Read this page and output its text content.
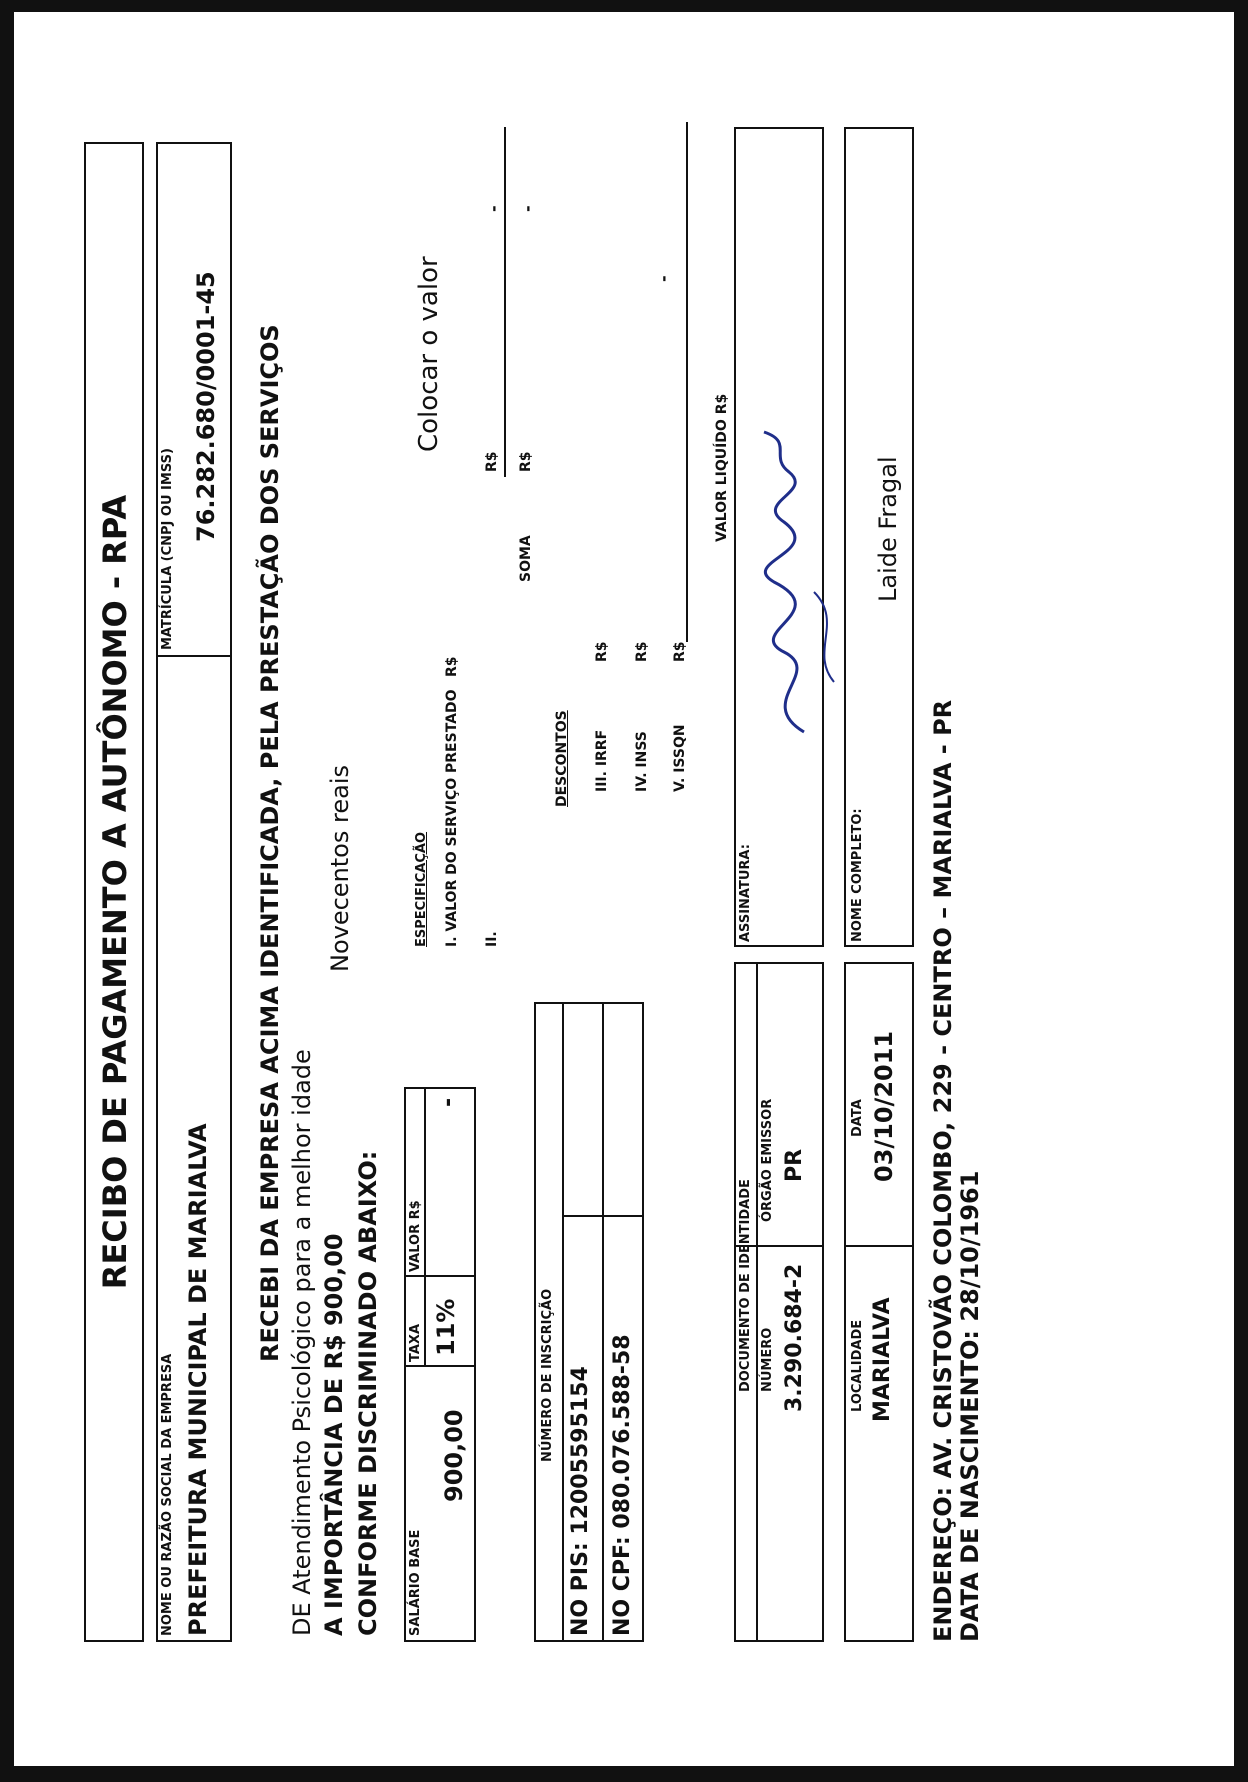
RECIBO DE PAGAMENTO A AUTÔNOMO - RPA
NOME OU RAZÃO SOCIAL DA EMPRESA PREFEITURA MUNICIPAL DE MARIALVA
MATRÍCULA (CNPJ OU IMSS)
76.282.680/0001-45 RECEBI DA EMPRESA ACIMA IDENTIFICADA, PELA PRESTAÇÃO DOS SERVIÇOS DE Atendimento Psicológico para a melhor idade A IMPORTÂNCIA DE R$ 900,00
Novecentos reais
CONFORME DISCRIMINADO ABAIXO:
Colocar o valor
SALÁRIO BASE
900,00
TAXA 11%
VALOR R$
-
ESPECIFICAÇÃO I. VALOR DO SERVIÇO PRESTADO
R$
II.
R$
-
SOMA
R$
-
NÚMERO DE INSCRIÇÃO NO PIS: 12005595154 NO CPF: 080.076.588-58
DESCONTOS III. IRRF
R$
IV. INSS
R$
V. ISSQN
R$
-
VALOR LIQUÍDO R$
DOCUMENTO DE IDENTIDADE NÚMERO 3.290.684-2
ÓRGÃO EMISSOR PR
ASSINATURA:
LOCALIDADE MARIALVA
DATA 03/10/2011
NOME COMPLETO:
Laide Fragal
ENDEREÇO: AV. CRISTOVÃO COLOMBO, 229 - CENTRO – MARIALVA - PR DATA DE NASCIMENTO: 28/10/1961
